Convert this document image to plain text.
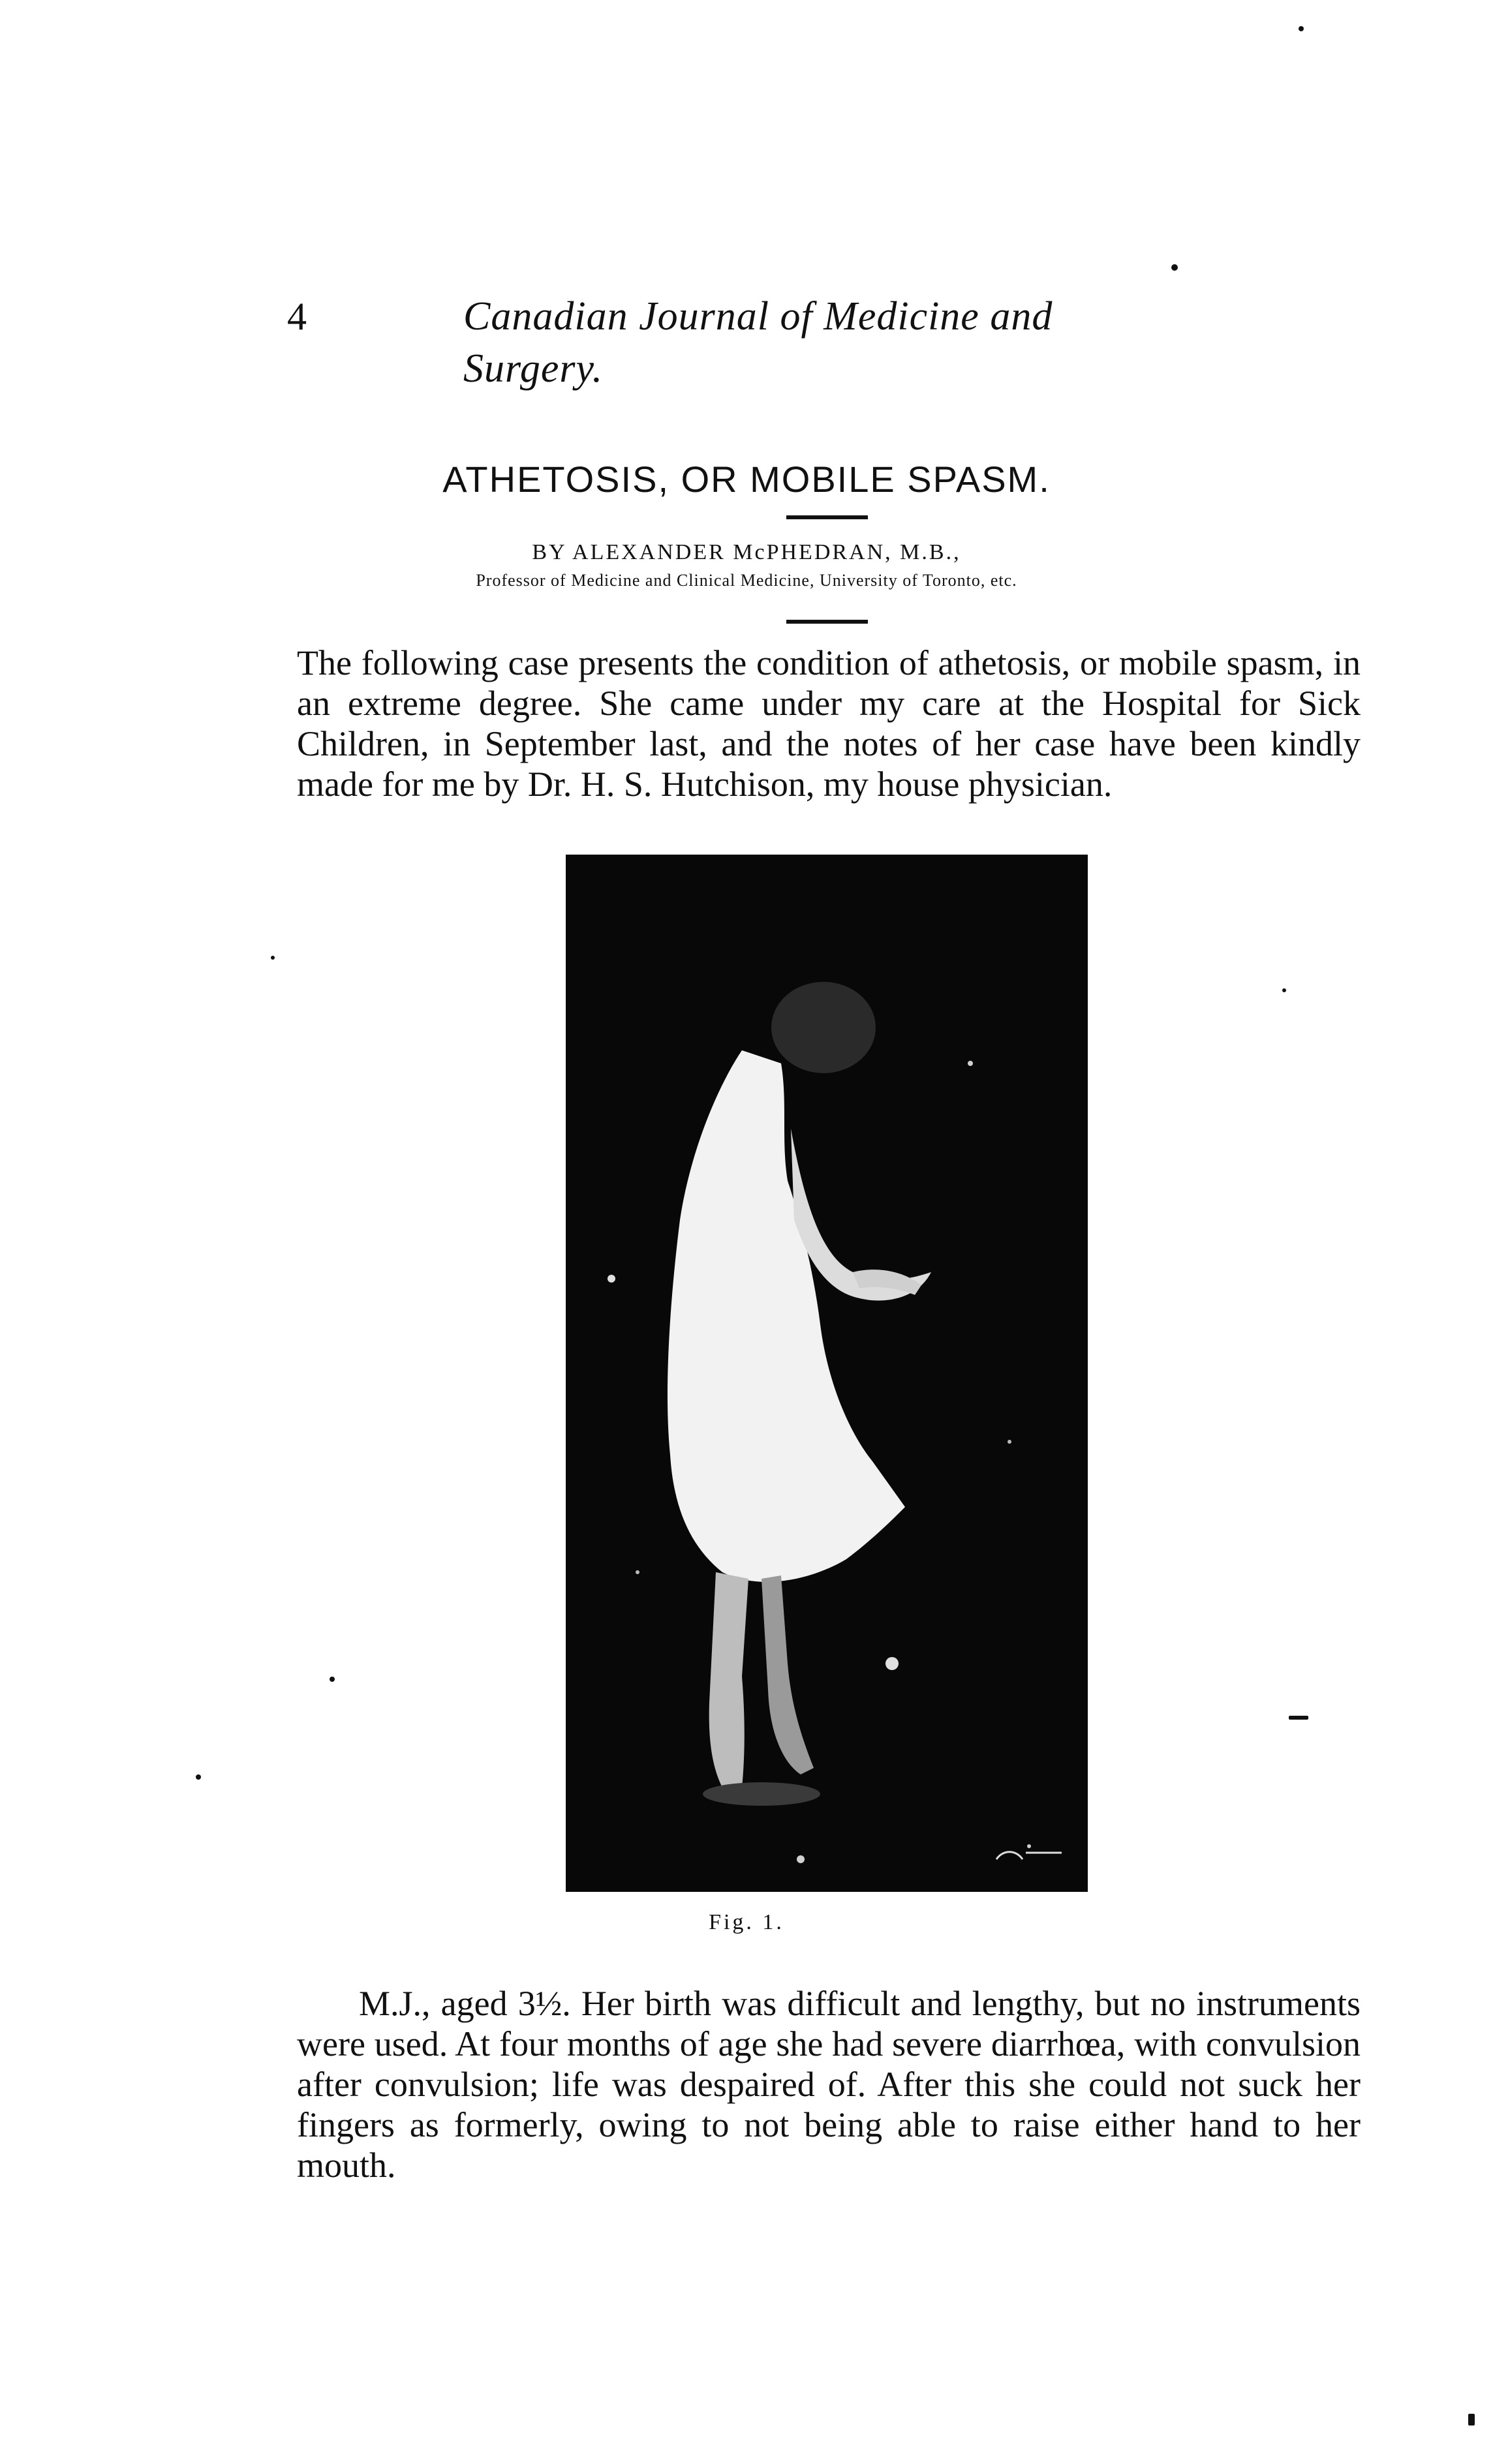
4	Canadian Journal of Medicine and Surgery.
ATHETOSIS, OR MOBILE SPASM.
BY ALEXANDER McPHEDRAN, M.B.,
Professor of Medicine and Clinical Medicine, University of Toronto, etc.

The following case presents the condition of athetosis, or mobile spasm, in an extreme degree. She came under my care at the Hospital for Sick Children, in September last, and the notes of her case have been kindly made for me by Dr. H. S. Hutchison, my house physician.

Fig. 1.

M.J., aged 3½. Her birth was difficult and lengthy, but no instruments were used. At four months of age she had severe diarrhœa, with convulsion after convulsion; life was despaired of. After this she could not suck her fingers as formerly, owing to not being able to raise either hand to her mouth.
